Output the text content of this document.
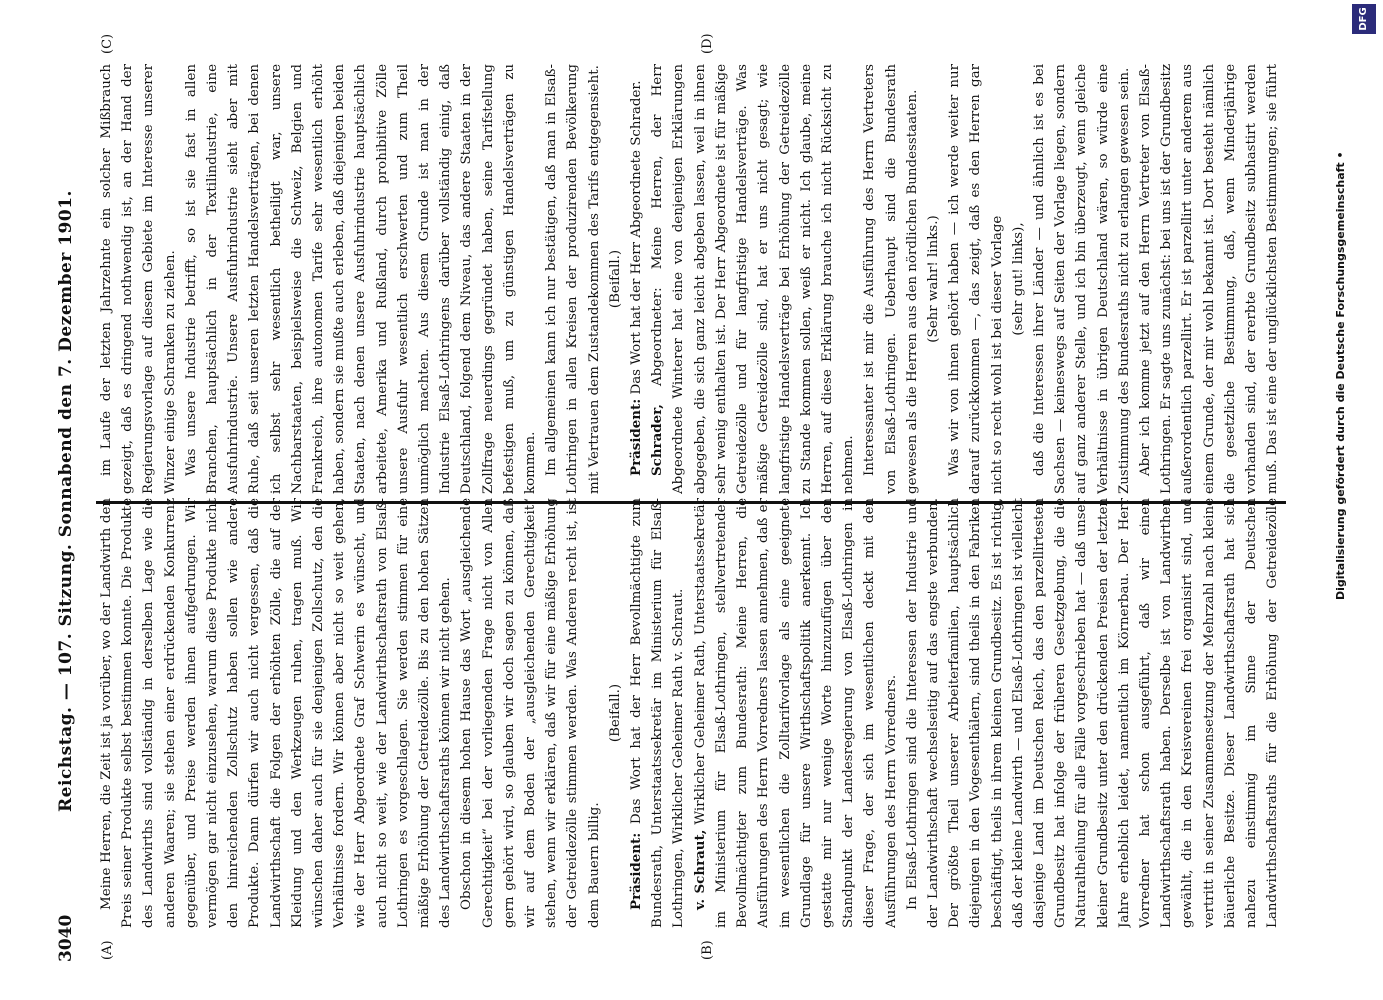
3040
Reichstag. — 107. Sitzung. Sonnabend den 7. Dezember 1901.
(A)	(B)
(C)	(D)

Meine Herren, die Zeit ist ja vorüber, wo der Landwirth den Preis seiner Produkte selbst bestimmen konnte. Die Produkte des Landwirths sind vollständig in derselben Lage wie die anderen Waaren; sie stehen einer erdrückenden Konkurrenz gegenüber, und Preise werden ihnen aufgedrungen. Wir vermögen gar nicht einzusehen, warum diese Produkte nicht den hinreichenden Zollschutz haben sollen wie andere Produkte. Dann dürfen wir auch nicht vergessen, daß die Landwirthschaft die Folgen der erhöhten Zölle, die auf der Kleidung und den Werkzeugen ruhen, tragen muß. Wir wünschen daher auch für sie denjenigen Zollschutz, den die Verhältnisse fordern. Wir können aber nicht so weit gehen, wie der Herr Abgeordnete Graf Schwerin es wünscht, und auch nicht so weit, wie der Landwirthschaftsrath von Elsaß-Lothringen es vorgeschlagen. Sie werden stimmen für eine mäßige Erhöhung der Getreidezölle. Bis zu den hohen Sätzen des Landwirthschaftsraths können wir nicht gehen. Obschon in diesem hohen Hause das Wort „ausgleichende Gerechtigkeit“ bei der vorliegenden Frage nicht von Allen gern gehört wird, so glauben wir doch sagen zu können, daß wir auf dem Boden der „ausgleichenden Gerechtigkeit“ stehen, wenn wir erklären, daß wir für eine mäßige Erhöhung der Getreidezölle stimmen werden. Was Anderen recht ist, ist dem Bauern billig.

(Beifall.)

Präsident: Das Wort hat der Herr Bevollmächtigte zum Bundesrath, Unterstaatssekretär im Ministerium für Elsaß-Lothringen, Wirklicher Geheimer Rath v. Schraut. v. Schraut, Wirklicher Geheimer Rath, Unterstaatssekretär im Ministerium für Elsaß-Lothringen, stellvertretender Bevollmächtigter zum Bundesrath: Meine Herren, die Ausführungen des Herrn Vorredners lassen annehmen, daß er im wesentlichen die Zolltarifvorlage als eine geeignete Grundlage für unsere Wirthschaftspolitik anerkennt. Ich gestatte mir nur wenige Worte hinzuzufügen über den Standpunkt der Landesregierung von Elsaß-Lothringen in dieser Frage, der sich im wesentlichen deckt mit den Ausführungen des Herrn Vorredners. In Elsaß-Lothringen sind die Interessen der Industrie und der Landwirthschaft wechselseitig auf das engste verbunden. Der größte Theil unserer Arbeiterfamilien, hauptsächlich diejenigen in den Vogesenthälern, sind theils in den Fabriken beschäftigt, theils in ihrem kleinen Grundbesitz. Es ist richtig, daß der kleine Landwirth — und Elsaß-Lothringen ist vielleicht dasjenige Land im Deutschen Reich, das den parzellirtesten Grundbesitz hat infolge der früheren Gesetzgebung, die die Naturaltheilung für alle Fälle vorgeschrieben hat — daß unser kleiner Grundbesitz unter den drückenden Preisen der letzten Jahre erheblich leidet, namentlich im Körnerbau. Der Herr Vorredner hat schon ausgeführt, daß wir einen Landwirthschaftsrath haben. Derselbe ist von Landwirthen gewählt, die in den Kreisvereinen frei organisirt sind, und vertritt in seiner Zusammensetzung der Mehrzahl nach kleine bäuerliche Besitze. Dieser Landwirthschaftsrath hat sich nahezu einstimmig im Sinne der Deutschen Landwirthschaftsraths für die Erhöhung der Getreidezölle

im Laufe der letzten Jahrzehnte ein solcher Mißbrauch gezeigt, daß es dringend nothwendig ist, an der Hand der Regierungsvorlage auf diesem Gebiete im Interesse unserer Winzer einige Schranken zu ziehen. Was unsere Industrie betrifft, so ist sie fast in allen Branchen, hauptsächlich in der Textilindustrie, eine Ausfuhrindustrie. Unsere Ausfuhrindustrie sieht aber mit Ruhe, daß seit unseren letzten Handelsverträgen, bei denen ich selbst sehr wesentlich betheiligt war, unsere Nachbarstaaten, beispielsweise die Schweiz, Belgien und Frankreich, ihre autonomen Tarife sehr wesentlich erhöht haben, sondern sie mußte auch erleben, daß diejenigen beiden Staaten, nach denen unsere Ausfuhrindustrie hauptsächlich arbeitete, Amerika und Rußland, durch prohibitive Zölle unsere Ausfuhr wesentlich erschwerten und zum Theil unmöglich machten. Aus diesem Grunde ist man in der Industrie Elsaß-Lothringens darüber vollständig einig, daß Deutschland, folgend dem Niveau, das andere Staaten in der Zollfrage neuerdings gegründet haben, seine Tarifstellung befestigen muß, um zu günstigen Handelsverträgen zu kommen. Im allgemeinen kann ich nur bestätigen, daß man in Elsaß-Lothringen in allen Kreisen der produzirenden Bevölkerung mit Vertrauen dem Zustandekommen des Tarifs entgegensieht. (Beifall.)

Präsident: Das Wort hat der Herr Abgeordnete Schrader.

Schrader, Abgeordneter: Meine Herren, der Herr Abgeordnete Winterer hat eine von denjenigen Erklärungen abgegeben, die sich ganz leicht abgeben lassen, weil in ihnen sehr wenig enthalten ist. Der Herr Abgeordnete ist für mäßige Getreidezölle und für langfristige Handelsverträge. Was mäßige Getreidezölle sind, hat er uns nicht gesagt; wie langfristige Handelsverträge bei Erhöhung der Getreidezölle zu Stande kommen sollen, weiß er nicht. Ich glaube, meine Herren, auf diese Erklärung brauche ich nicht Rücksicht zu nehmen. Interessanter ist mir die Ausführung des Herrn Vertreters von Elsaß-Lothringen. Ueberhaupt sind die Bundesrath gewesen als die Herren aus den nördlichen Bundesstaaten. (Sehr wahr! links.) Was wir von ihnen gehört haben — ich werde weiter nur darauf zurückkommen —, das zeigt, daß es den Herren gar nicht so recht wohl ist bei dieser Vorlage (sehr gut! links), daß die Interessen ihrer Länder — und ähnlich ist es bei Sachsen — keineswegs auf Seiten der Vorlage liegen, sondern auf ganz anderer Stelle, und ich bin überzeugt, wenn gleiche Verhältnisse in übrigen Deutschland wären, so würde eine Zustimmung des Bundesraths nicht zu erlangen gewesen sein. Aber ich komme jetzt auf den Herrn Vertreter von Elsaß-Lothringen. Er sagte uns zunächst: bei uns ist der Grundbesitz außerordentlich parzellirt. Er ist parzellirt unter anderem aus einem Grunde, der mir wohl bekannt ist. Dort besteht nämlich die gesetzliche Bestimmung, daß, wenn Minderjährige vorhanden sind, der ererbte Grundbesitz subhastirt werden muß. Das ist eine der unglücklichsten Bestimmungen; sie führt

Digitalisierung gefördert durch die Deutsche Forschungsgemeinschaft •
DFG
